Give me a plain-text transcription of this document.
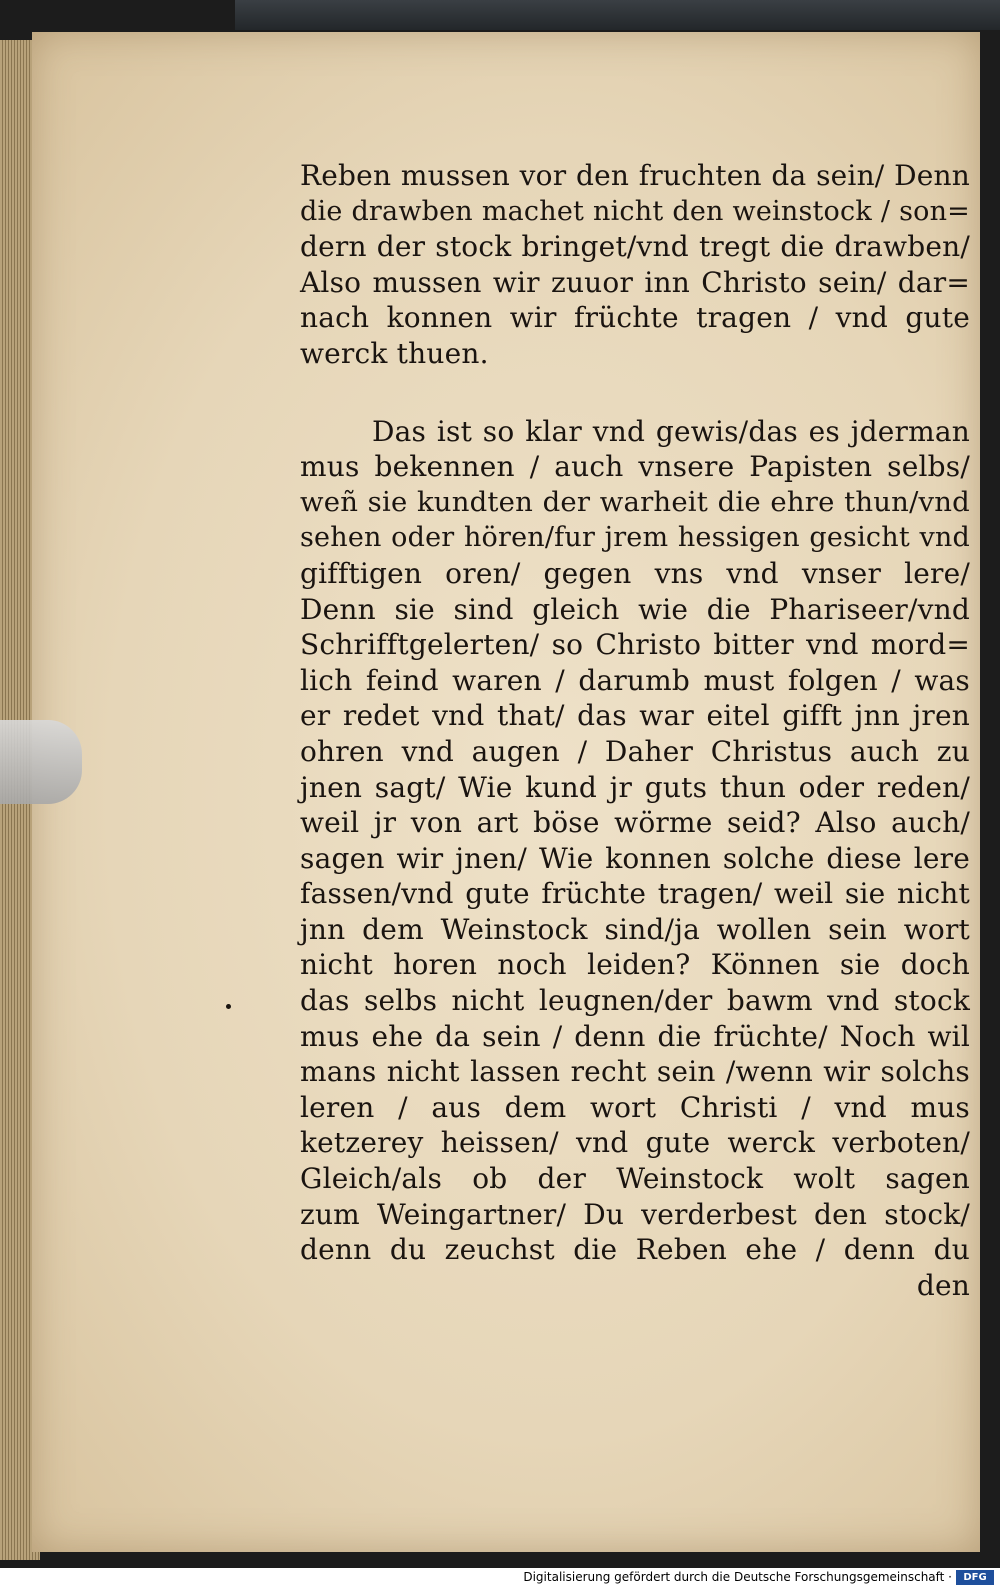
Reben mussen vor den fruchten da sein/ Denn
die drawben machet nicht den weinstock / son=
dern der stock bringet/vnd tregt die drawben/
Also mussen wir zuuor inn Christo sein/ dar=
nach konnen wir früchte tragen / vnd gute
werck thuen.
Das ist so klar vnd gewis/das es jderman
mus bekennen / auch vnsere Papisten selbs/
weñ sie kundten der warheit die ehre thun/vnd
sehen oder hören/fur jrem hessigen gesicht vnd
gifftigen oren/ gegen vns vnd vnser lere/
Denn sie sind gleich wie die Phariseer/vnd
Schrifftgelerten/ so Christo bitter vnd mord=
lich feind waren / darumb must folgen / was
er redet vnd that/ das war eitel gifft jnn jren
ohren vnd augen / Daher Christus auch zu
jnen sagt/ Wie kund jr guts thun oder reden/
weil jr von art böse wörme seid? Also auch/
sagen wir jnen/ Wie konnen solche diese lere
fassen/vnd gute früchte tragen/ weil sie nicht
jnn dem Weinstock sind/ja wollen sein wort
nicht horen noch leiden? Können sie doch
das selbs nicht leugnen/der bawm vnd stock
mus ehe da sein / denn die früchte/ Noch wil
mans nicht lassen recht sein /wenn wir solchs
leren / aus dem wort Christi / vnd mus
ketzerey heissen/ vnd gute werck verboten/
Gleich/als ob der Weinstock wolt sagen
zum Weingartner/ Du verderbest den stock/
denn du zeuchst die Reben ehe / denn du
den
Digitalisierung gefördert durch die Deutsche Forschungsgemeinschaft ·	DFG
